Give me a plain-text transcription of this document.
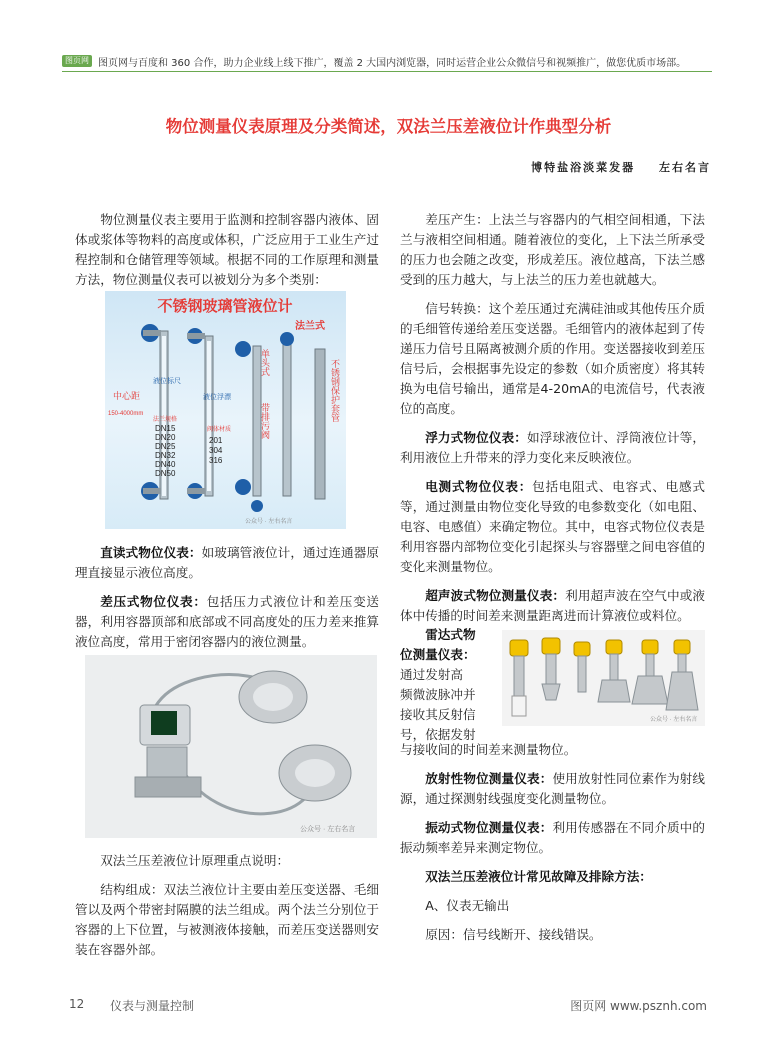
图页网 图页网与百度和 360 合作，助力企业线上线下推广，覆盖 2 大国内浏览器，同时运营企业公众微信号和视频推广，做您优质市场部。
物位测量仪表原理及分类简述，双法兰压差液位计作典型分析
博特盐浴淡菜发器 左右名言

物位测量仪表主要用于监测和控制容器内液体、固体或浆体等物料的高度或体积，广泛应用于工业生产过程控制和仓储管理等领域。根据不同的工作原理和测量方法，物位测量仪表可以被划分为多个类别：

不锈钢玻璃管液位计
法兰式
中心距
150-4000mm
液位标尺
液位浮漂
法兰规格
DN15
DN20
DN25
DN32
DN40
DN50
阀体材质
201
304
316
单头式
带排污阀	不锈钢保护套管
公众号 · 左右名言

直读式物位仪表：如玻璃管液位计，通过连通器原理直接显示液位高度。

差压式物位仪表：包括压力式液位计和差压变送器，利用容器顶部和底部或不同高度处的压力差来推算液位高度，常用于密闭容器内的液位测量。

公众号 · 左右名言

双法兰压差液位计原理重点说明：

结构组成：双法兰液位计主要由差压变送器、毛细管以及两个带密封隔膜的法兰组成。两个法兰分别位于容器的上下位置，与被测液体接触，而差压变送器则安装在容器外部。

差压产生：上法兰与容器内的气相空间相通，下法兰与液相空间相通。随着液位的变化，上下法兰所承受的压力也会随之改变，形成差压。液位越高，下法兰感受到的压力越大，与上法兰的压力差也就越大。

信号转换：这个差压通过充满硅油或其他传压介质的毛细管传递给差压变送器。毛细管内的液体起到了传递压力信号且隔离被测介质的作用。变送器接收到差压信号后，会根据事先设定的参数（如介质密度）将其转换为电信号输出，通常是4-20mA的电流信号，代表液位的高度。

浮力式物位仪表：如浮球液位计、浮筒液位计等，利用液位上升带来的浮力变化来反映液位。

电测式物位仪表：包括电阻式、电容式、电感式等，通过测量由物位变化导致的电参数变化（如电阻、电容、电感值）来确定物位。其中，电容式物位仪表是利用容器内部物位变化引起探头与容器壁之间电容值的变化来测量物位。

超声波式物位测量仪表：利用超声波在空气中或液体中传播的时间差来测量距离进而计算液位或料位。

雷达式物
位测量仪表：
通过发射高
频微波脉冲并
接收其反射信
号，依据发射
公众号 · 左右名言

与接收间的时间差来测量物位。

放射性物位测量仪表：使用放射性同位素作为射线源，通过探测射线强度变化测量物位。

振动式物位测量仪表：利用传感器在不同介质中的振动频率差异来测定物位。

双法兰压差液位计常见故障及排除方法：

A、仪表无输出

原因：信号线断开、接线错误。

12 仪表与测量控制	图页网 www.psznh.com
